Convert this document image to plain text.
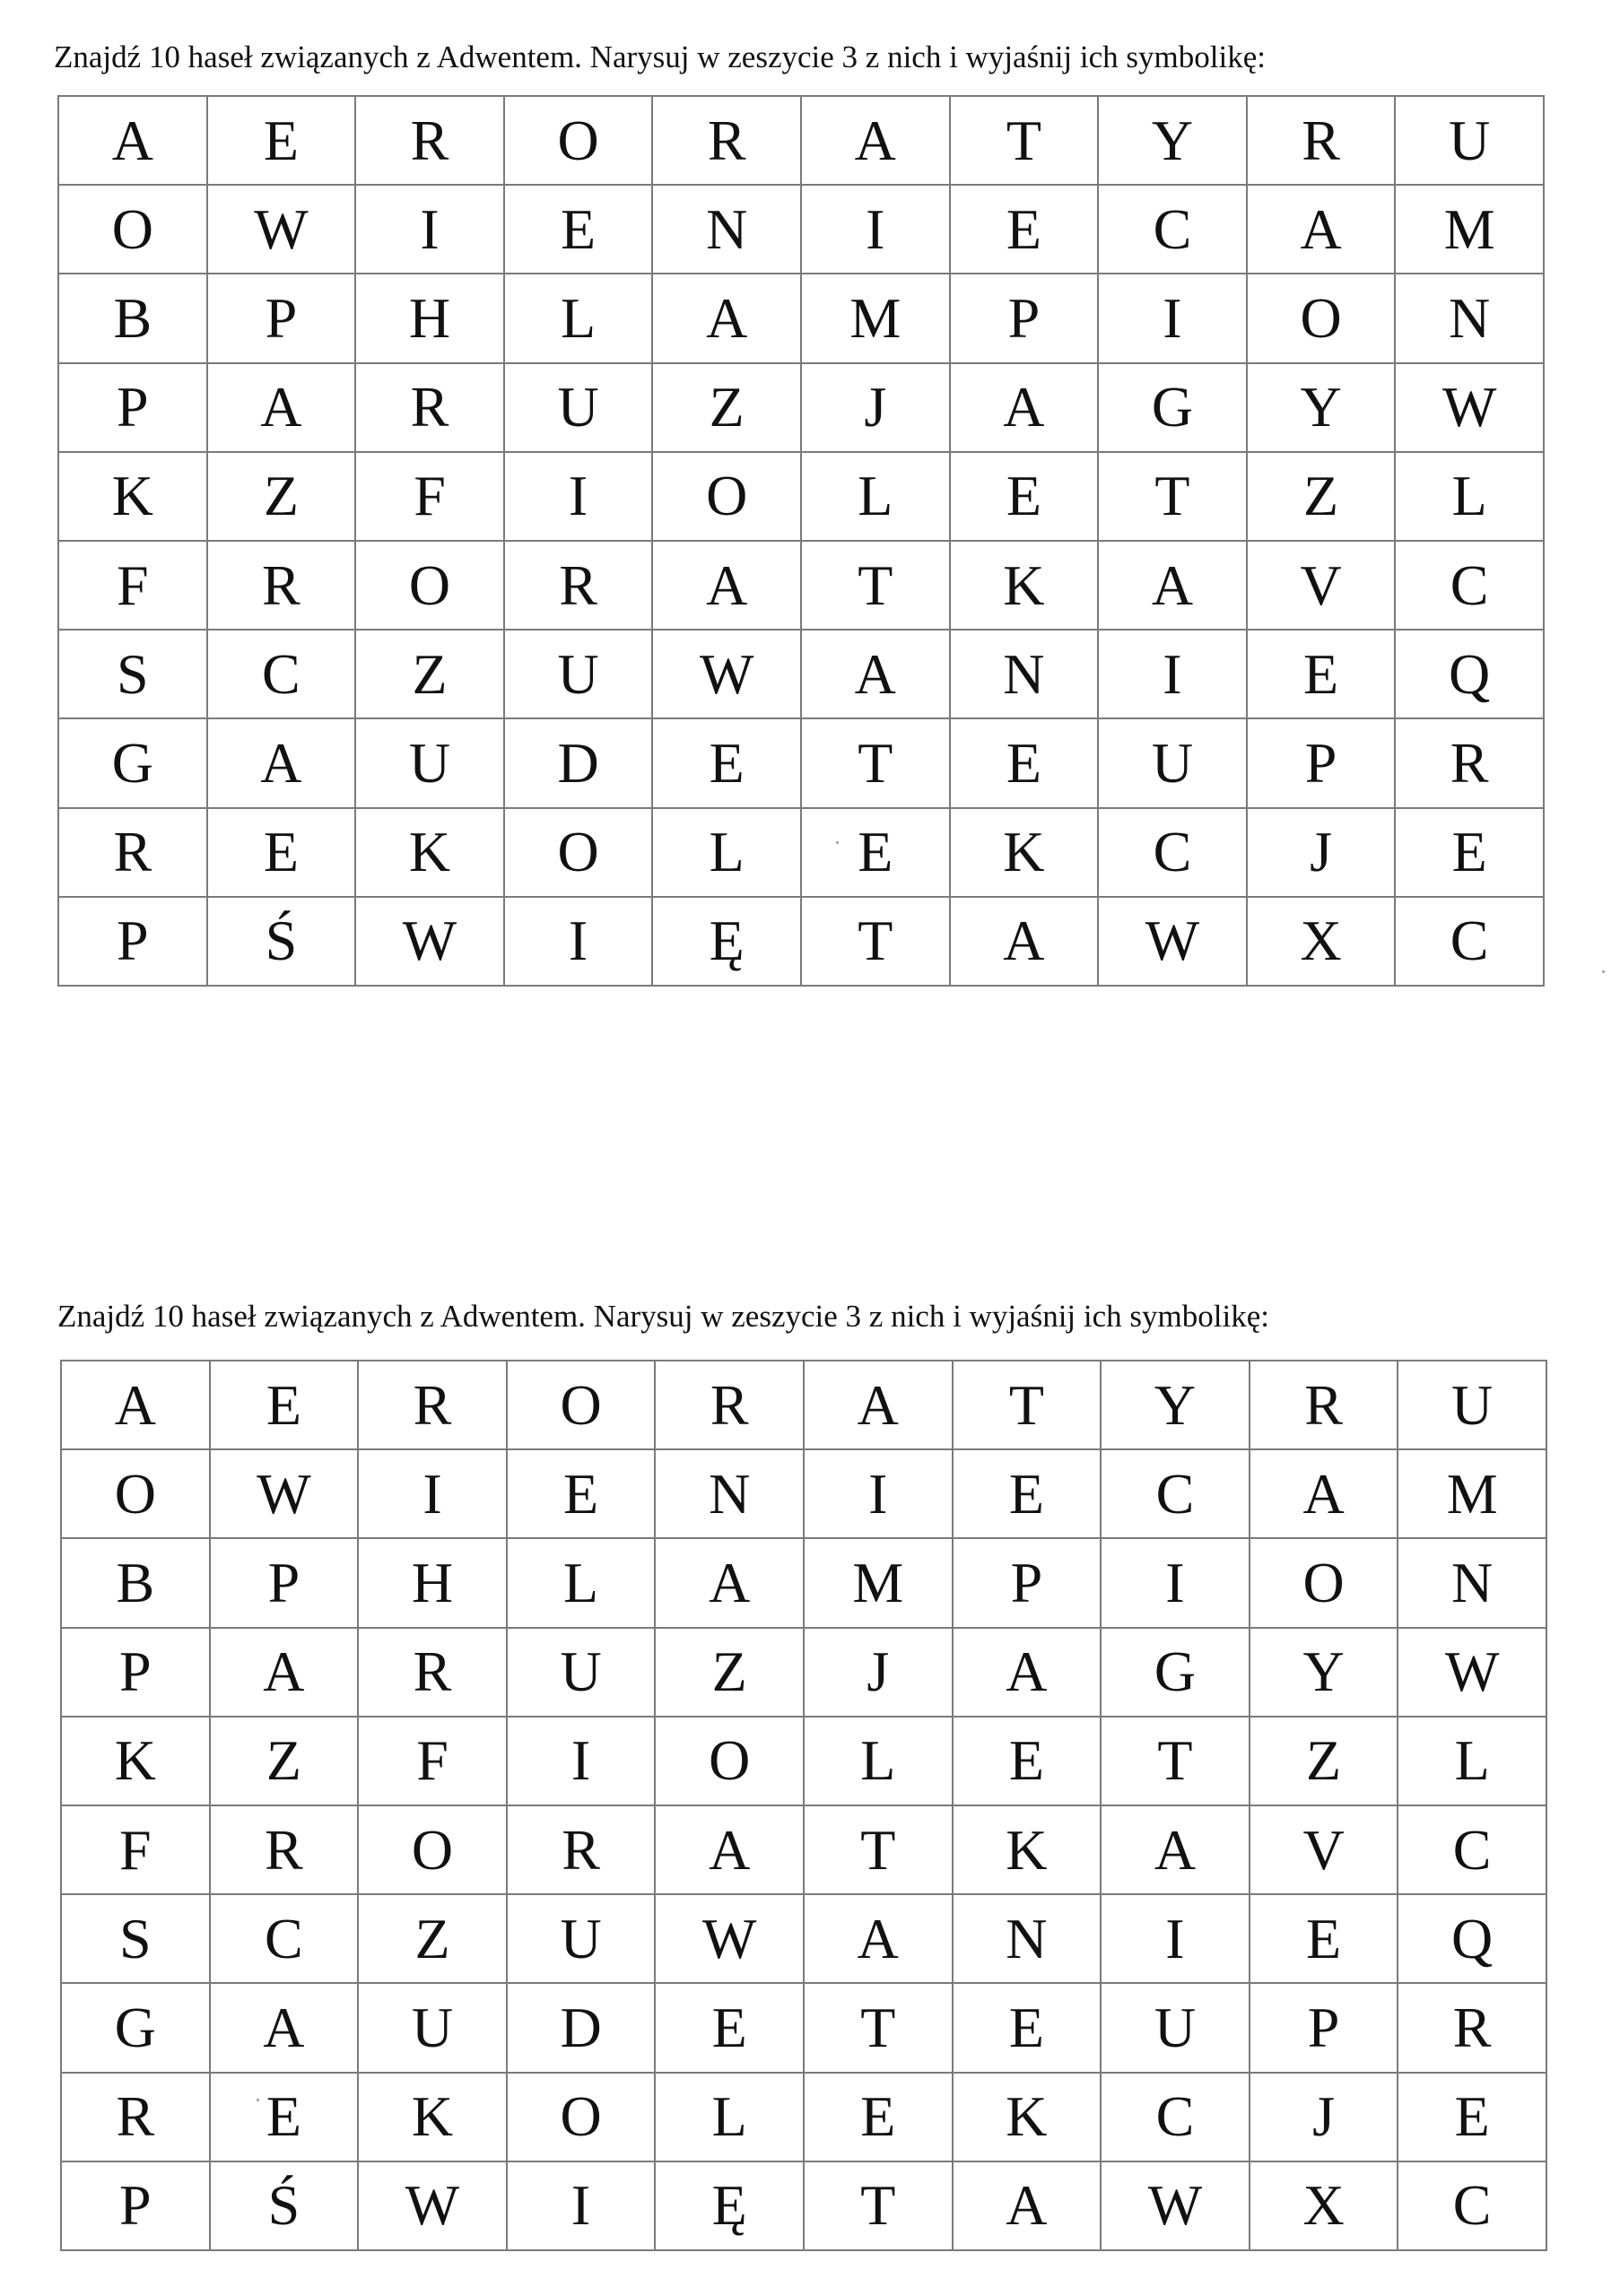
Znajdź 10 haseł związanych z Adwentem. Narysuj w zeszycie 3 z nich i wyjaśnij ich symbolikę:
A	E	R	O	R	A	T	Y	R	U
O	W	I	E	N	I	E	C	A	M
B	P	H	L	A	M	P	I	O	N
P	A	R	U	Z	J	A	G	Y	W
K	Z	F	I	O	L	E	T	Z	L
F	R	O	R	A	T	K	A	V	C
S	C	Z	U	W	A	N	I	E	Q
G	A	U	D	E	T	E	U	P	R
R	E	K	O	L	E	K	C	J	E
P	Ś	W	I	Ę	T	A	W	X	C
Znajdź 10 haseł związanych z Adwentem. Narysuj w zeszycie 3 z nich i wyjaśnij ich symbolikę:
A	E	R	O	R	A	T	Y	R	U
O	W	I	E	N	I	E	C	A	M
B	P	H	L	A	M	P	I	O	N
P	A	R	U	Z	J	A	G	Y	W
K	Z	F	I	O	L	E	T	Z	L
F	R	O	R	A	T	K	A	V	C
S	C	Z	U	W	A	N	I	E	Q
G	A	U	D	E	T	E	U	P	R
R	E	K	O	L	E	K	C	J	E
P	Ś	W	I	Ę	T	A	W	X	C
